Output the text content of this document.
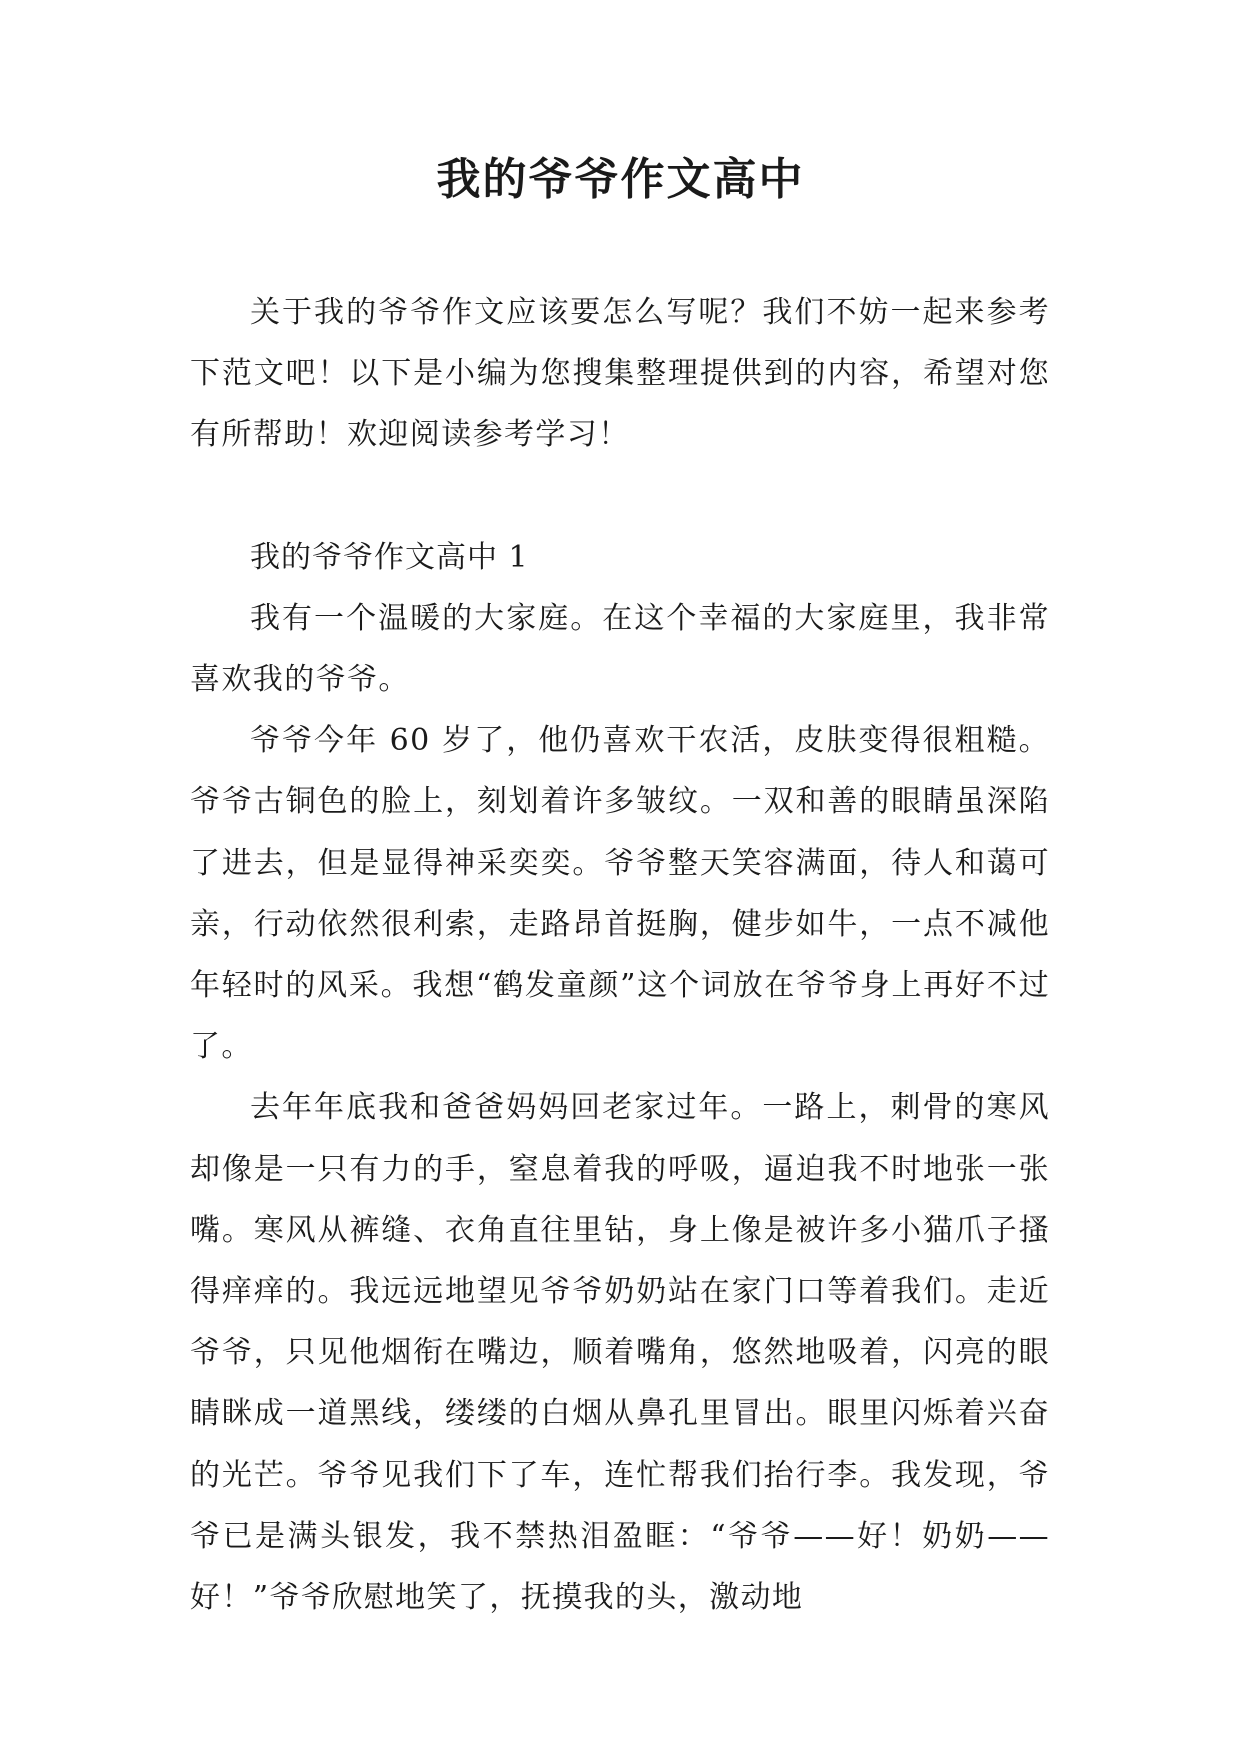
我的爷爷作文高中

关于我的爷爷作文应该要怎么写呢？我们不妨一起来参考下范文吧！以下是小编为您搜集整理提供到的内容，希望对您有所帮助！欢迎阅读参考学习！

我的爷爷作文高中 1

我有一个温暖的大家庭。在这个幸福的大家庭里，我非常喜欢我的爷爷。

爷爷今年 60 岁了，他仍喜欢干农活，皮肤变得很粗糙。爷爷古铜色的脸上，刻划着许多皱纹。一双和善的眼睛虽深陷了进去，但是显得神采奕奕。爷爷整天笑容满面，待人和蔼可亲，行动依然很利索，走路昂首挺胸，健步如牛，一点不减他年轻时的风采。我想“鹤发童颜”这个词放在爷爷身上再好不过了。

去年年底我和爸爸妈妈回老家过年。一路上，刺骨的寒风却像是一只有力的手，窒息着我的呼吸，逼迫我不时地张一张嘴。寒风从裤缝、衣角直往里钻，身上像是被许多小猫爪子搔得痒痒的。我远远地望见爷爷奶奶站在家门口等着我们。走近爷爷，只见他烟衔在嘴边，顺着嘴角，悠然地吸着，闪亮的眼睛眯成一道黑线，缕缕的白烟从鼻孔里冒出。眼里闪烁着兴奋的光芒。爷爷见我们下了车，连忙帮我们抬行李。我发现，爷爷已是满头银发，我不禁热泪盈眶：“爷爷——好！奶奶——好！”爷爷欣慰地笑了，抚摸我的头，激动地
